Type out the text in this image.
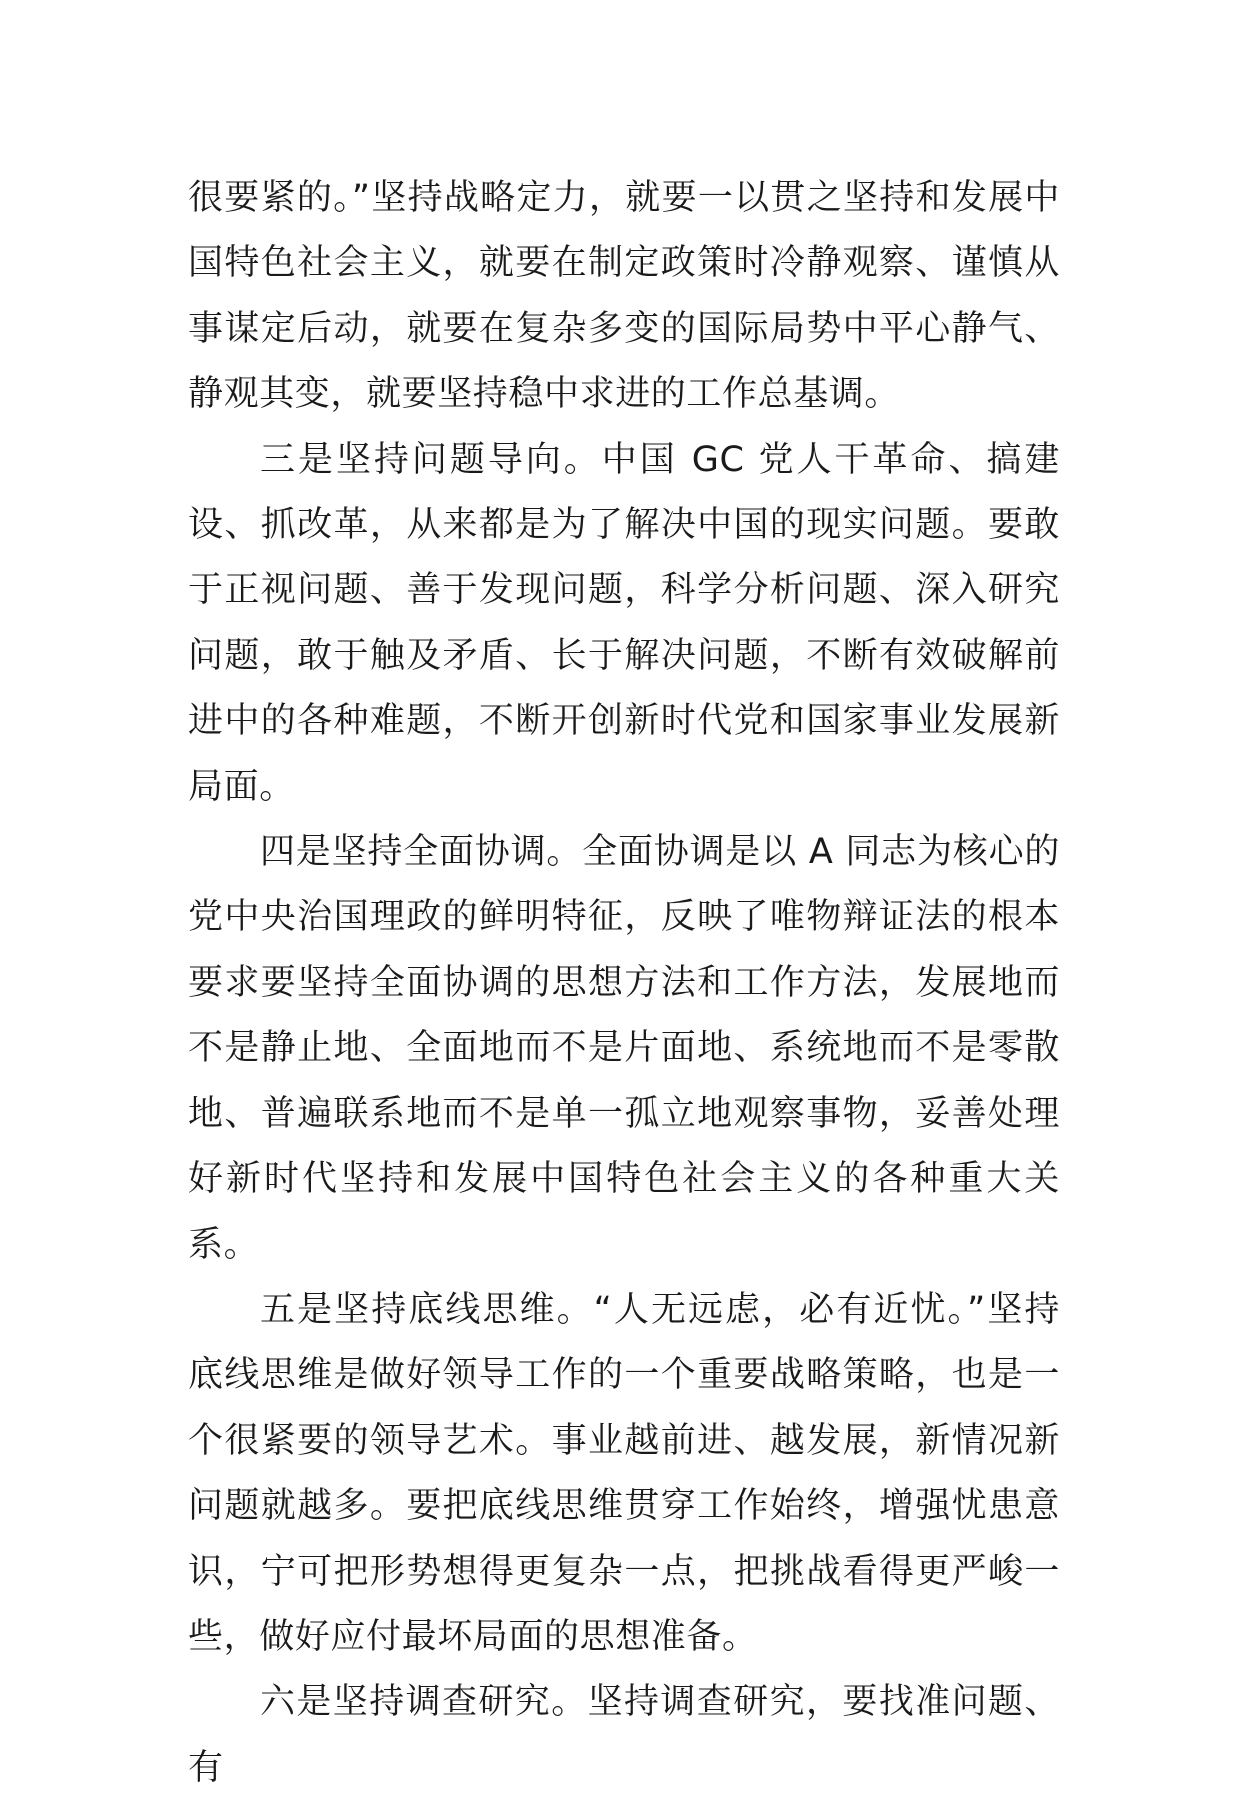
很要紧的。”坚持战略定力，就要一以贯之坚持和发展中国特色社会主义，就要在制定政策时冷静观察、谨慎从事谋定后动，就要在复杂多变的国际局势中平心静气、静观其变，就要坚持稳中求进的工作总基调。

三是坚持问题导向。中国 GC 党人干革命、搞建设、抓改革，从来都是为了解决中国的现实问题。要敢于正视问题、善于发现问题，科学分析问题、深入研究问题，敢于触及矛盾、长于解决问题，不断有效破解前进中的各种难题，不断开创新时代党和国家事业发展新局面。

四是坚持全面协调。全面协调是以 A 同志为核心的党中央治国理政的鲜明特征，反映了唯物辩证法的根本要求要坚持全面协调的思想方法和工作方法，发展地而不是静止地、全面地而不是片面地、系统地而不是零散地、普遍联系地而不是单一孤立地观察事物，妥善处理好新时代坚持和发展中国特色社会主义的各种重大关系。

五是坚持底线思维。“人无远虑，必有近忧。”坚持底线思维是做好领导工作的一个重要战略策略，也是一个很紧要的领导艺术。事业越前进、越发展，新情况新问题就越多。要把底线思维贯穿工作始终，增强忧患意识，宁可把形势想得更复杂一点，把挑战看得更严峻一些，做好应付最坏局面的思想准备。

六是坚持调查研究。坚持调查研究，要找准问题、有
